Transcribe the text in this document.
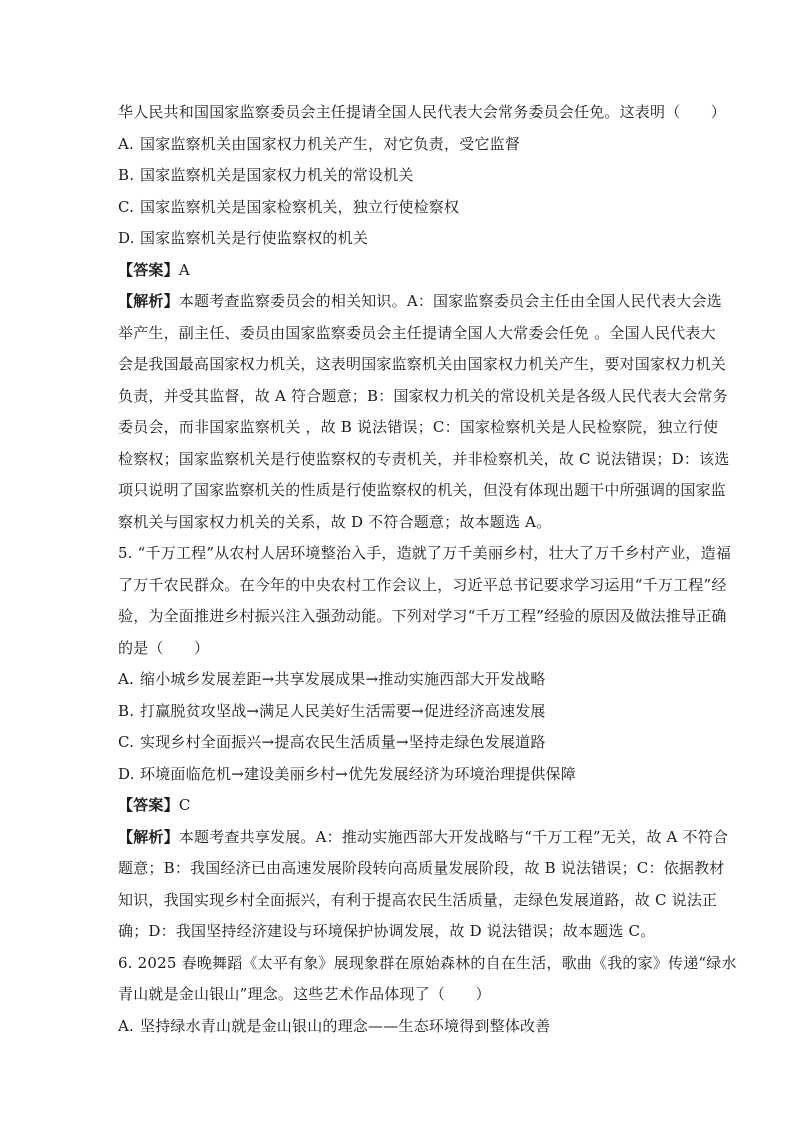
华人民共和国国家监察委员会主任提请全国人民代表大会常务委员会任免。这表明（　　）
A. 国家监察机关由国家权力机关产生，对它负责，受它监督
B. 国家监察机关是国家权力机关的常设机关
C. 国家监察机关是国家检察机关，独立行使检察权
D. 国家监察机关是行使监察权的机关
【答案】A
【解析】本题考查监察委员会的相关知识。A：国家监察委员会主任由全国人民代表大会选
举产生，副主任、委员由国家监察委员会主任提请全国人大常委会任免 。全国人民代表大
会是我国最高国家权力机关，这表明国家监察机关由国家权力机关产生，要对国家权力机关
负责，并受其监督，故 A 符合题意；B：国家权力机关的常设机关是各级人民代表大会常务
委员会，而非国家监察机关 ，故 B 说法错误；C：国家检察机关是人民检察院，独立行使
检察权；国家监察机关是行使监察权的专责机关，并非检察机关，故 C 说法错误；D：该选
项只说明了国家监察机关的性质是行使监察权的机关，但没有体现出题干中所强调的国家监
察机关与国家权力机关的关系，故 D 不符合题意；故本题选 A。
5. “千万工程”从农村人居环境整治入手，造就了万千美丽乡村，壮大了万千乡村产业，造福
了万千农民群众。在今年的中央农村工作会议上，习近平总书记要求学习运用“千万工程”经
验，为全面推进乡村振兴注入强劲动能。下列对学习“千万工程”经验的原因及做法推导正确
的是（　　）
A. 缩小城乡发展差距→共享发展成果→推动实施西部大开发战略
B. 打赢脱贫攻坚战→满足人民美好生活需要→促进经济高速发展
C. 实现乡村全面振兴→提高农民生活质量→坚持走绿色发展道路
D. 环境面临危机→建设美丽乡村→优先发展经济为环境治理提供保障
【答案】C
【解析】本题考查共享发展。A：推动实施西部大开发战略与“千万工程”无关，故 A 不符合
题意；B：我国经济已由高速发展阶段转向高质量发展阶段，故 B 说法错误；C：依据教材
知识，我国实现乡村全面振兴，有利于提高农民生活质量，走绿色发展道路，故 C 说法正
确；D：我国坚持经济建设与环境保护协调发展，故 D 说法错误；故本题选 C。
6. 2025 春晚舞蹈《太平有象》展现象群在原始森林的自在生活，歌曲《我的家》传递“绿水
青山就是金山银山”理念。这些艺术作品体现了（　　）
A. 坚持绿水青山就是金山银山的理念——生态环境得到整体改善
